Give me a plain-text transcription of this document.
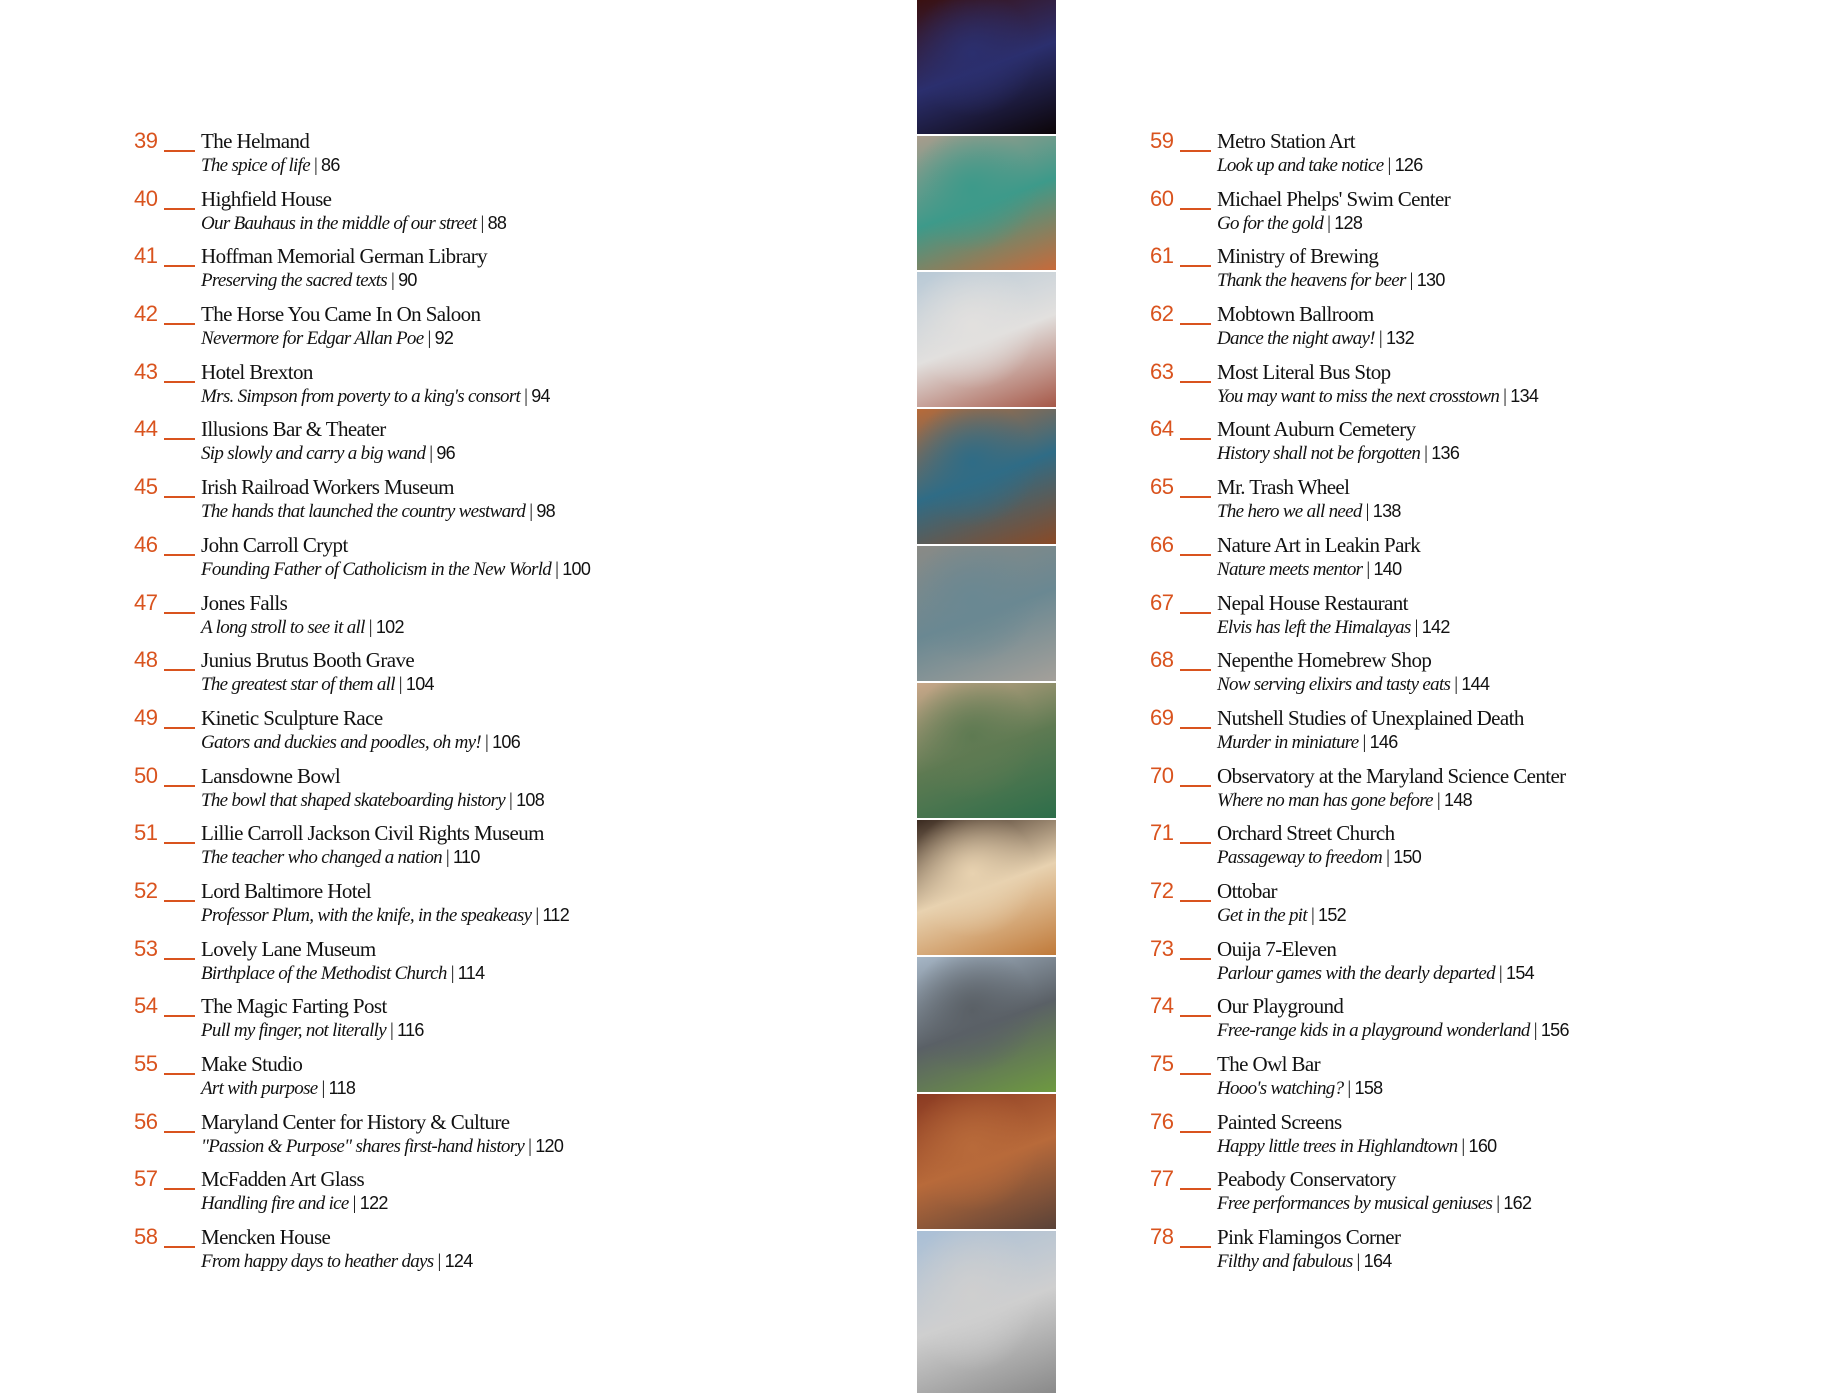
39 The Helmand
The spice of life | 86
40 Highfield House
Our Bauhaus in the middle of our street | 88
41 Hoffman Memorial German Library
Preserving the sacred texts | 90
42 The Horse You Came In On Saloon
Nevermore for Edgar Allan Poe | 92
43 Hotel Brexton
Mrs. Simpson from poverty to a king's consort | 94
44 Illusions Bar & Theater
Sip slowly and carry a big wand | 96
45 Irish Railroad Workers Museum
The hands that launched the country westward | 98
46 John Carroll Crypt
Founding Father of Catholicism in the New World | 100
47 Jones Falls
A long stroll to see it all | 102
48 Junius Brutus Booth Grave
The greatest star of them all | 104
49 Kinetic Sculpture Race
Gators and duckies and poodles, oh my! | 106
50 Lansdowne Bowl
The bowl that shaped skateboarding history | 108
51 Lillie Carroll Jackson Civil Rights Museum
The teacher who changed a nation | 110
52 Lord Baltimore Hotel
Professor Plum, with the knife, in the speakeasy | 112
53 Lovely Lane Museum
Birthplace of the Methodist Church | 114
54 The Magic Farting Post
Pull my finger, not literally | 116
55 Make Studio
Art with purpose | 118
56 Maryland Center for History & Culture
"Passion & Purpose" shares first-hand history | 120
57 McFadden Art Glass
Handling fire and ice | 122
58 Mencken House
From happy days to heather days | 124
59 Metro Station Art
Look up and take notice | 126
60 Michael Phelps' Swim Center
Go for the gold | 128
61 Ministry of Brewing
Thank the heavens for beer | 130
62 Mobtown Ballroom
Dance the night away! | 132
63 Most Literal Bus Stop
You may want to miss the next crosstown | 134
64 Mount Auburn Cemetery
History shall not be forgotten | 136
65 Mr. Trash Wheel
The hero we all need | 138
66 Nature Art in Leakin Park
Nature meets mentor | 140
67 Nepal House Restaurant
Elvis has left the Himalayas | 142
68 Nepenthe Homebrew Shop
Now serving elixirs and tasty eats | 144
69 Nutshell Studies of Unexplained Death
Murder in miniature | 146
70 Observatory at the Maryland Science Center
Where no man has gone before | 148
71 Orchard Street Church
Passageway to freedom | 150
72 Ottobar
Get in the pit | 152
73 Ouija 7-Eleven
Parlour games with the dearly departed | 154
74 Our Playground
Free-range kids in a playground wonderland | 156
75 The Owl Bar
Hooo's watching? | 158
76 Painted Screens
Happy little trees in Highlandtown | 160
77 Peabody Conservatory
Free performances by musical geniuses | 162
78 Pink Flamingos Corner
Filthy and fabulous | 164
